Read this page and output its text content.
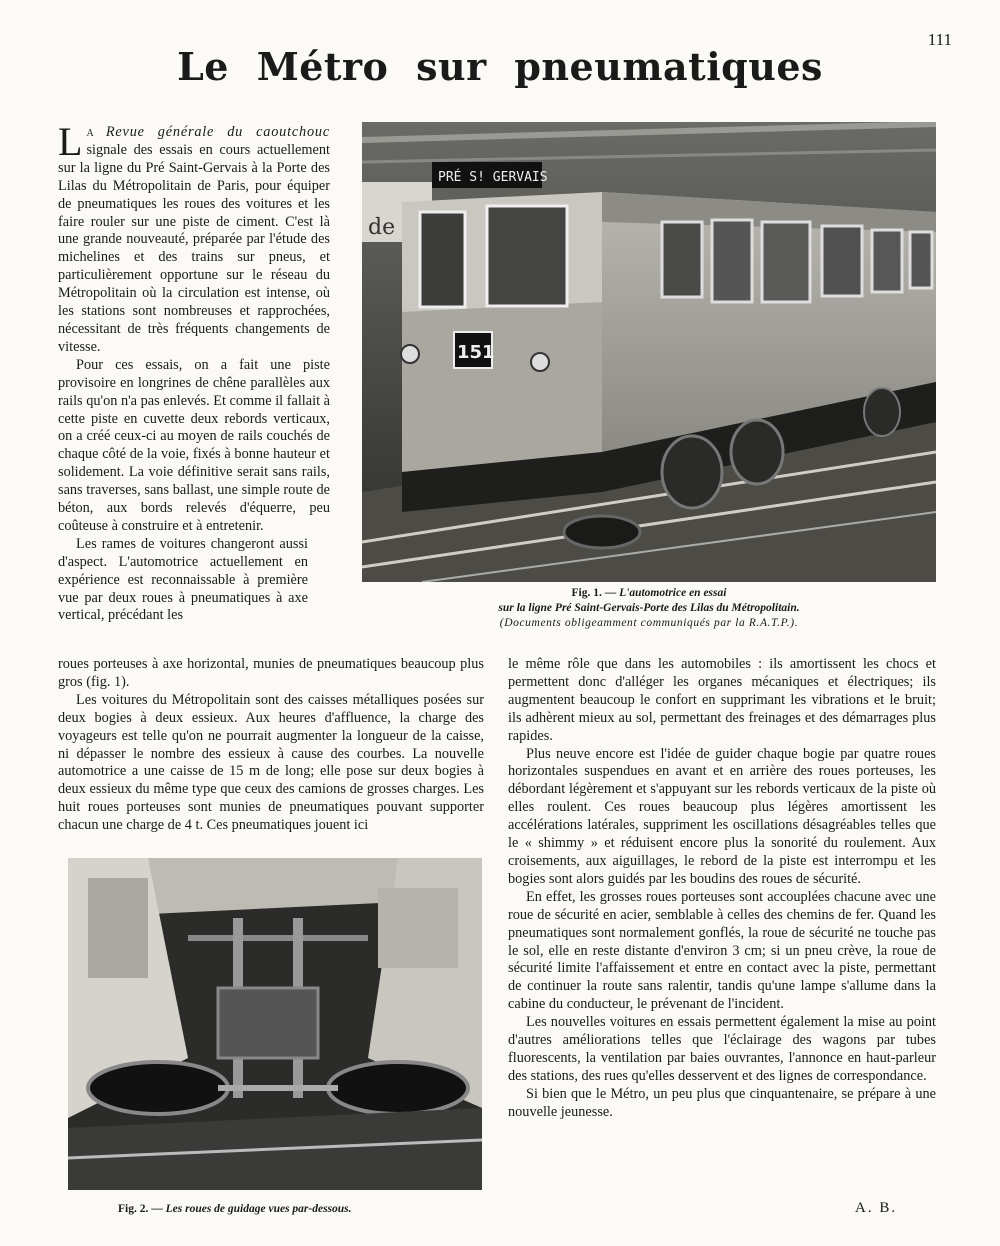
111
Le Métro sur pneumatiques

La Revue générale du caoutchouc signale des essais en cours actuellement sur la ligne du Pré Saint-Gervais à la Porte des Lilas du Métropolitain de Paris, pour équiper de pneumatiques les roues des voitures et les faire rouler sur une piste de ciment. C'est là une grande nouveauté, préparée par l'étude des michelines et des trains sur pneus, et particulièrement opportune sur le réseau du Métropolitain où la circulation est intense, où les stations sont nombreuses et rapprochées, nécessitant de très fréquents changements de vitesse.

Pour ces essais, on a fait une piste provisoire en longrines de chêne parallèles aux rails qu'on n'a pas enlevés. Et comme il fallait à cette piste en cuvette deux rebords verticaux, on a créé ceux-ci au moyen de rails couchés de chaque côté de la voie, fixés à bonne hauteur et solidement. La voie définitive serait sans rails, sans traverses, sans ballast, une simple route de béton, aux bords relevés d'équerre, peu coûteuse à construire et à entretenir.

Les rames de voitures changeront aussi d'aspect. L'automotrice actuellement en expérience est reconnaissable à première vue par deux roues à pneumatiques à axe vertical, précédant les

roues porteuses à axe horizontal, munies de pneumatiques beaucoup plus gros (fig. 1).

Les voitures du Métropolitain sont des caisses métalliques posées sur deux bogies à deux essieux. Aux heures d'affluence, la charge des voyageurs est telle qu'on ne pourrait augmenter la longueur de la caisse, ni dépasser le nombre des essieux à cause des courbes. La nouvelle automotrice a une caisse de 15 m de long; elle pose sur deux bogies à deux essieux du même type que ceux des camions de grosses charges. Les huit roues porteuses sont munies de pneumatiques pouvant supporter chacun une charge de 4 t. Ces pneumatiques jouent ici

de
PRÉ S! GERVAIS
151
Fig. 1. — L'automotrice en essai
sur la ligne Pré Saint-Gervais-Porte des Lilas du Métropolitain.
(Documents obligeamment communiqués par la R.A.T.P.).
Fig. 2. — Les roues de guidage vues par-dessous.

le même rôle que dans les automobiles : ils amortissent les chocs et permettent donc d'alléger les organes mécaniques et électriques; ils augmentent beaucoup le confort en supprimant les vibrations et le bruit; ils adhèrent mieux au sol, permettant des freinages et des démarrages plus rapides.

Plus neuve encore est l'idée de guider chaque bogie par quatre roues horizontales suspendues en avant et en arrière des roues porteuses, les débordant légèrement et s'appuyant sur les rebords verticaux de la piste où elles roulent. Ces roues beaucoup plus légères amortissent les accélérations latérales, suppriment les oscillations désagréables telles que le « shimmy » et réduisent encore plus la sonorité du roulement. Aux croisements, aux aiguillages, le rebord de la piste est interrompu et les bogies sont alors guidés par les boudins des roues de sécurité.

En effet, les grosses roues porteuses sont accouplées chacune avec une roue de sécurité en acier, semblable à celles des chemins de fer. Quand les pneumatiques sont normalement gonflés, la roue de sécurité ne touche pas le sol, elle en reste distante d'environ 3 cm; si un pneu crève, la roue de sécurité limite l'affaissement et entre en contact avec la piste, permettant de continuer la route sans ralentir, tandis qu'une lampe s'allume dans la cabine du conducteur, le prévenant de l'incident.

Les nouvelles voitures en essais permettent également la mise au point d'autres améliorations telles que l'éclairage des wagons par tubes fluorescents, la ventilation par baies ouvrantes, l'annonce en haut-parleur des stations, des rues qu'elles desservent et des lignes de correspondance.

Si bien que le Métro, un peu plus que cinquantenaire, se prépare à une nouvelle jeunesse.

A. B.
